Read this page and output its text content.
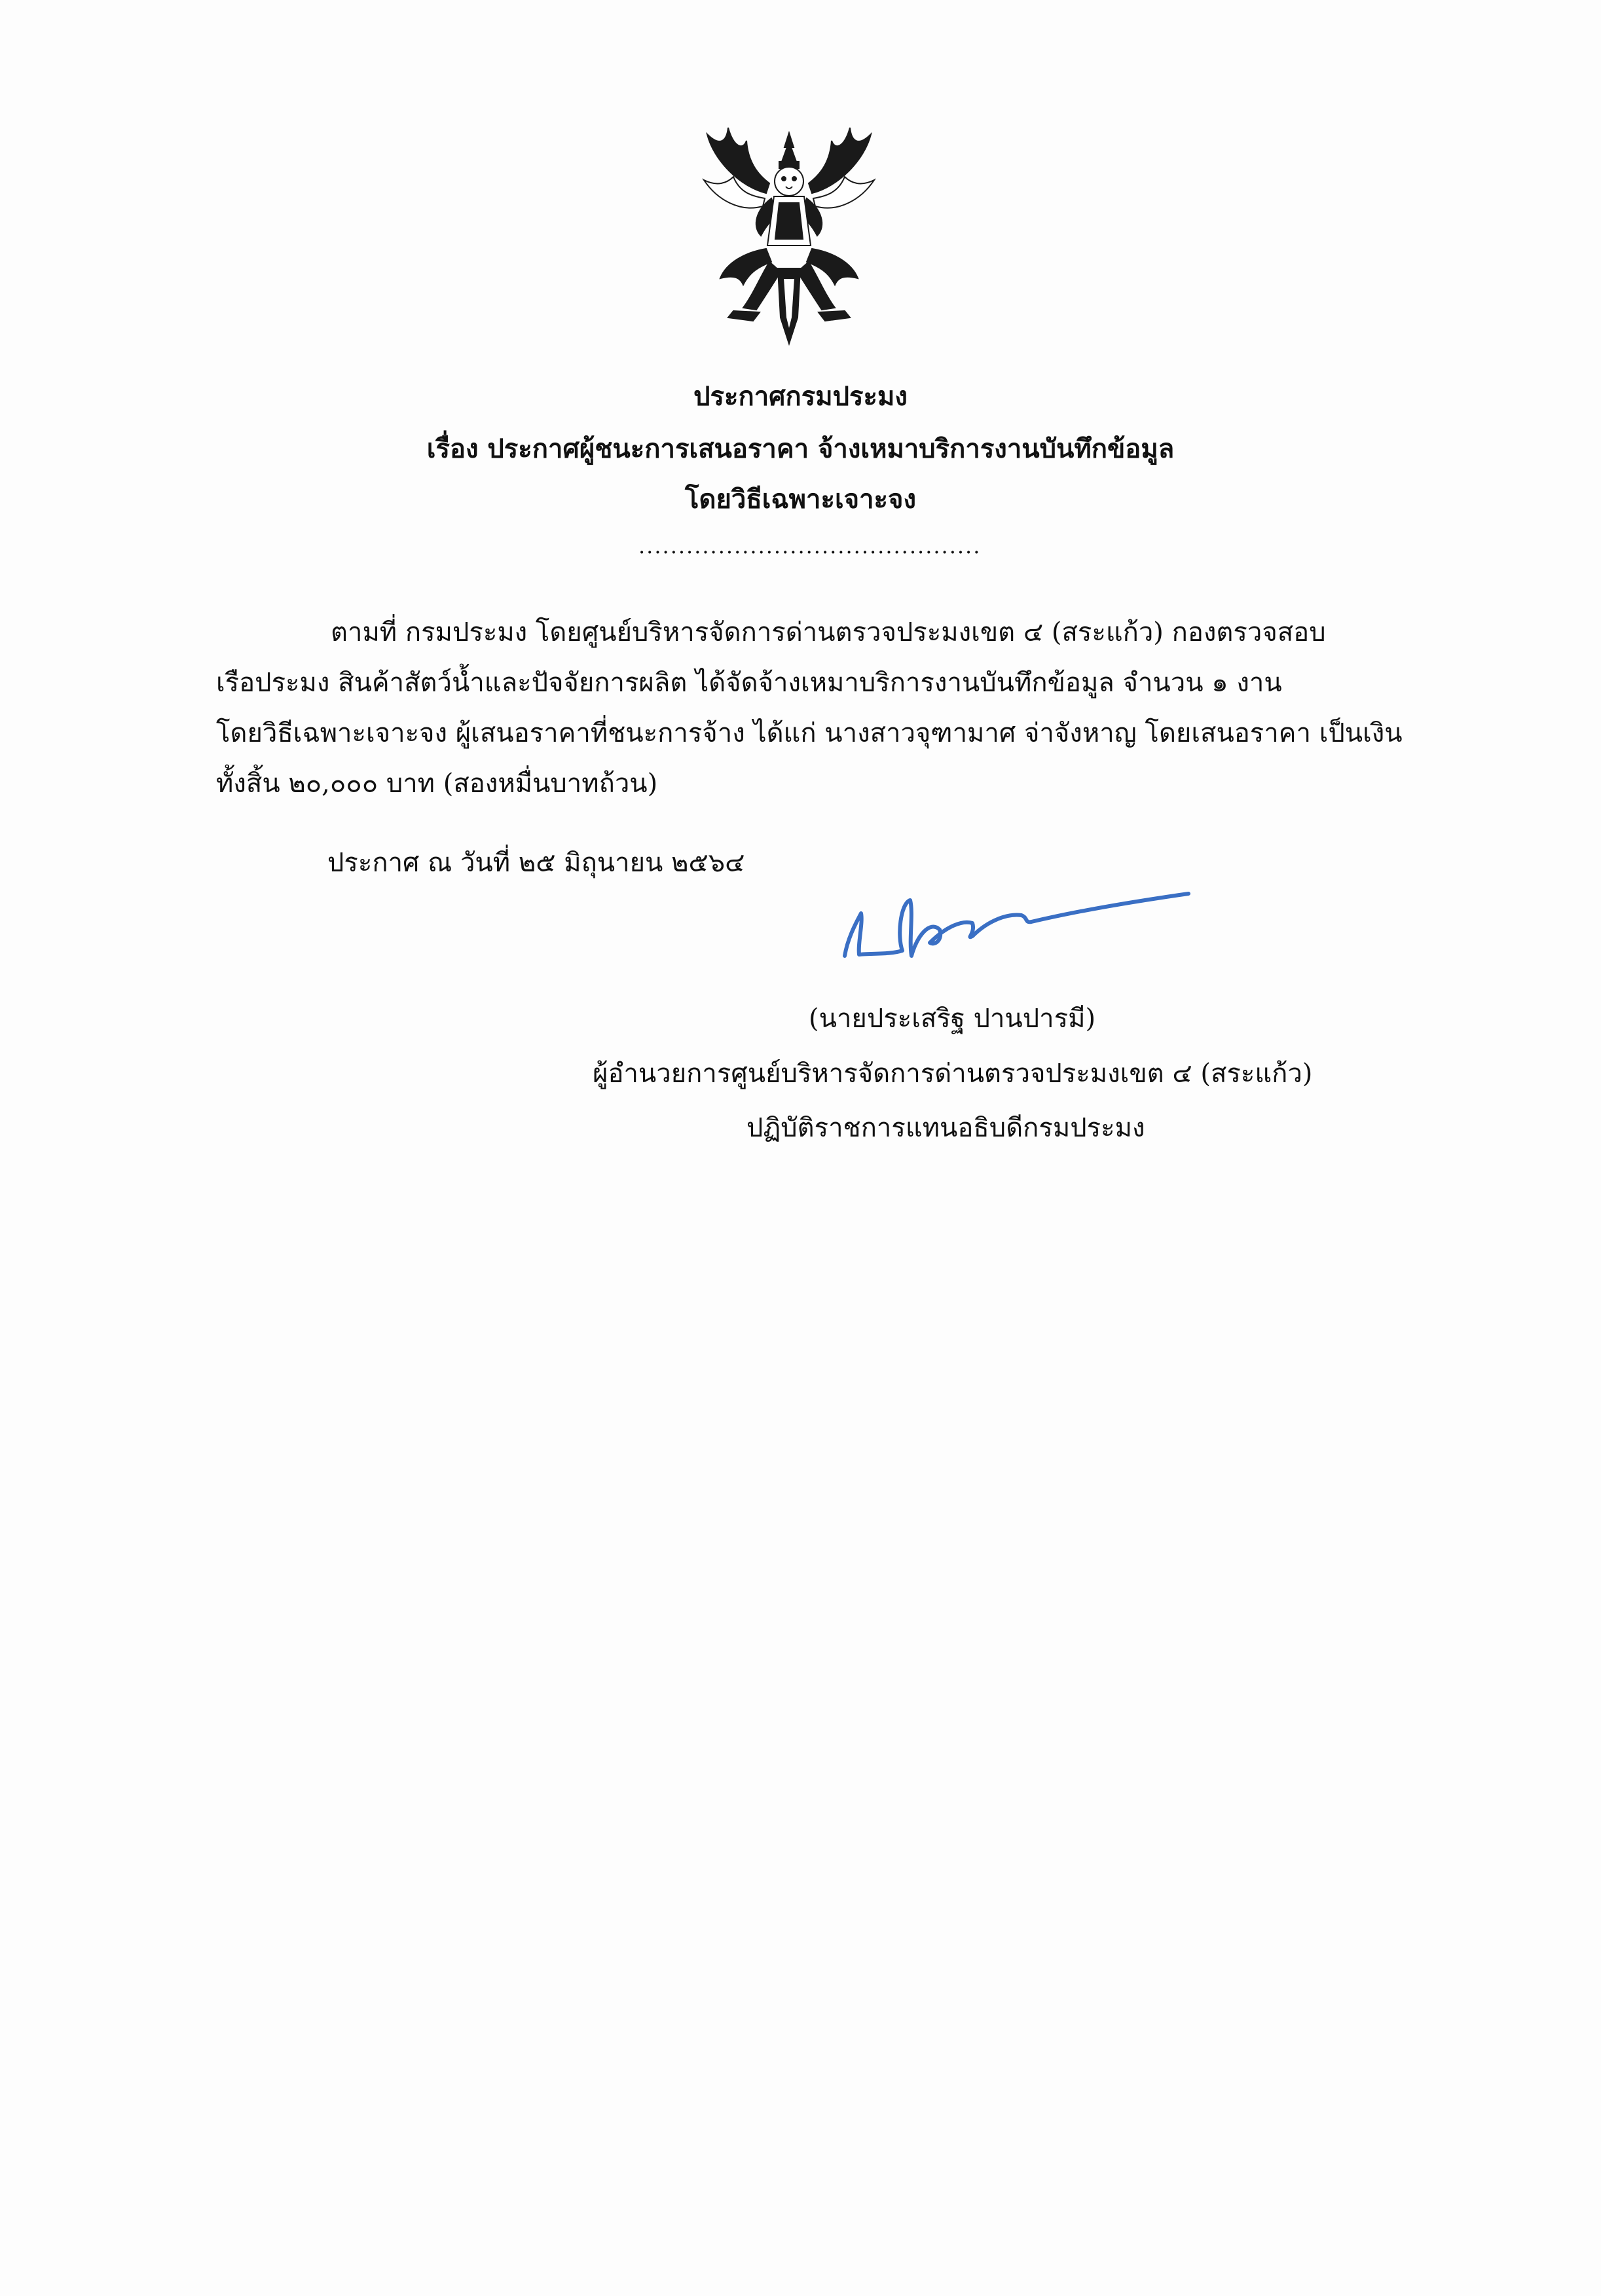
ประกาศกรมประมง
เรื่อง ประกาศผู้ชนะการเสนอราคา จ้างเหมาบริการงานบันทึกข้อมูล
โดยวิธีเฉพาะเจาะจง
...........................................
ตามที่ กรมประมง โดยศูนย์บริหารจัดการด่านตรวจประมงเขต ๔ (สระแก้ว) กองตรวจสอบ
เรือประมง สินค้าสัตว์น้ำและปัจจัยการผลิต ได้จัดจ้างเหมาบริการงานบันทึกข้อมูล จำนวน ๑ งาน
โดยวิธีเฉพาะเจาะจง ผู้เสนอราคาที่ชนะการจ้าง ได้แก่ นางสาวจุฑามาศ จ่าจังหาญ โดยเสนอราคา เป็นเงิน
ทั้งสิ้น ๒๐,๐๐๐ บาท (สองหมื่นบาทถ้วน)
ประกาศ ณ วันที่ ๒๕ มิถุนายน ๒๕๖๔
(นายประเสริฐ ปานปารมี)
ผู้อำนวยการศูนย์บริหารจัดการด่านตรวจประมงเขต ๔ (สระแก้ว)
ปฏิบัติราชการแทนอธิบดีกรมประมง
